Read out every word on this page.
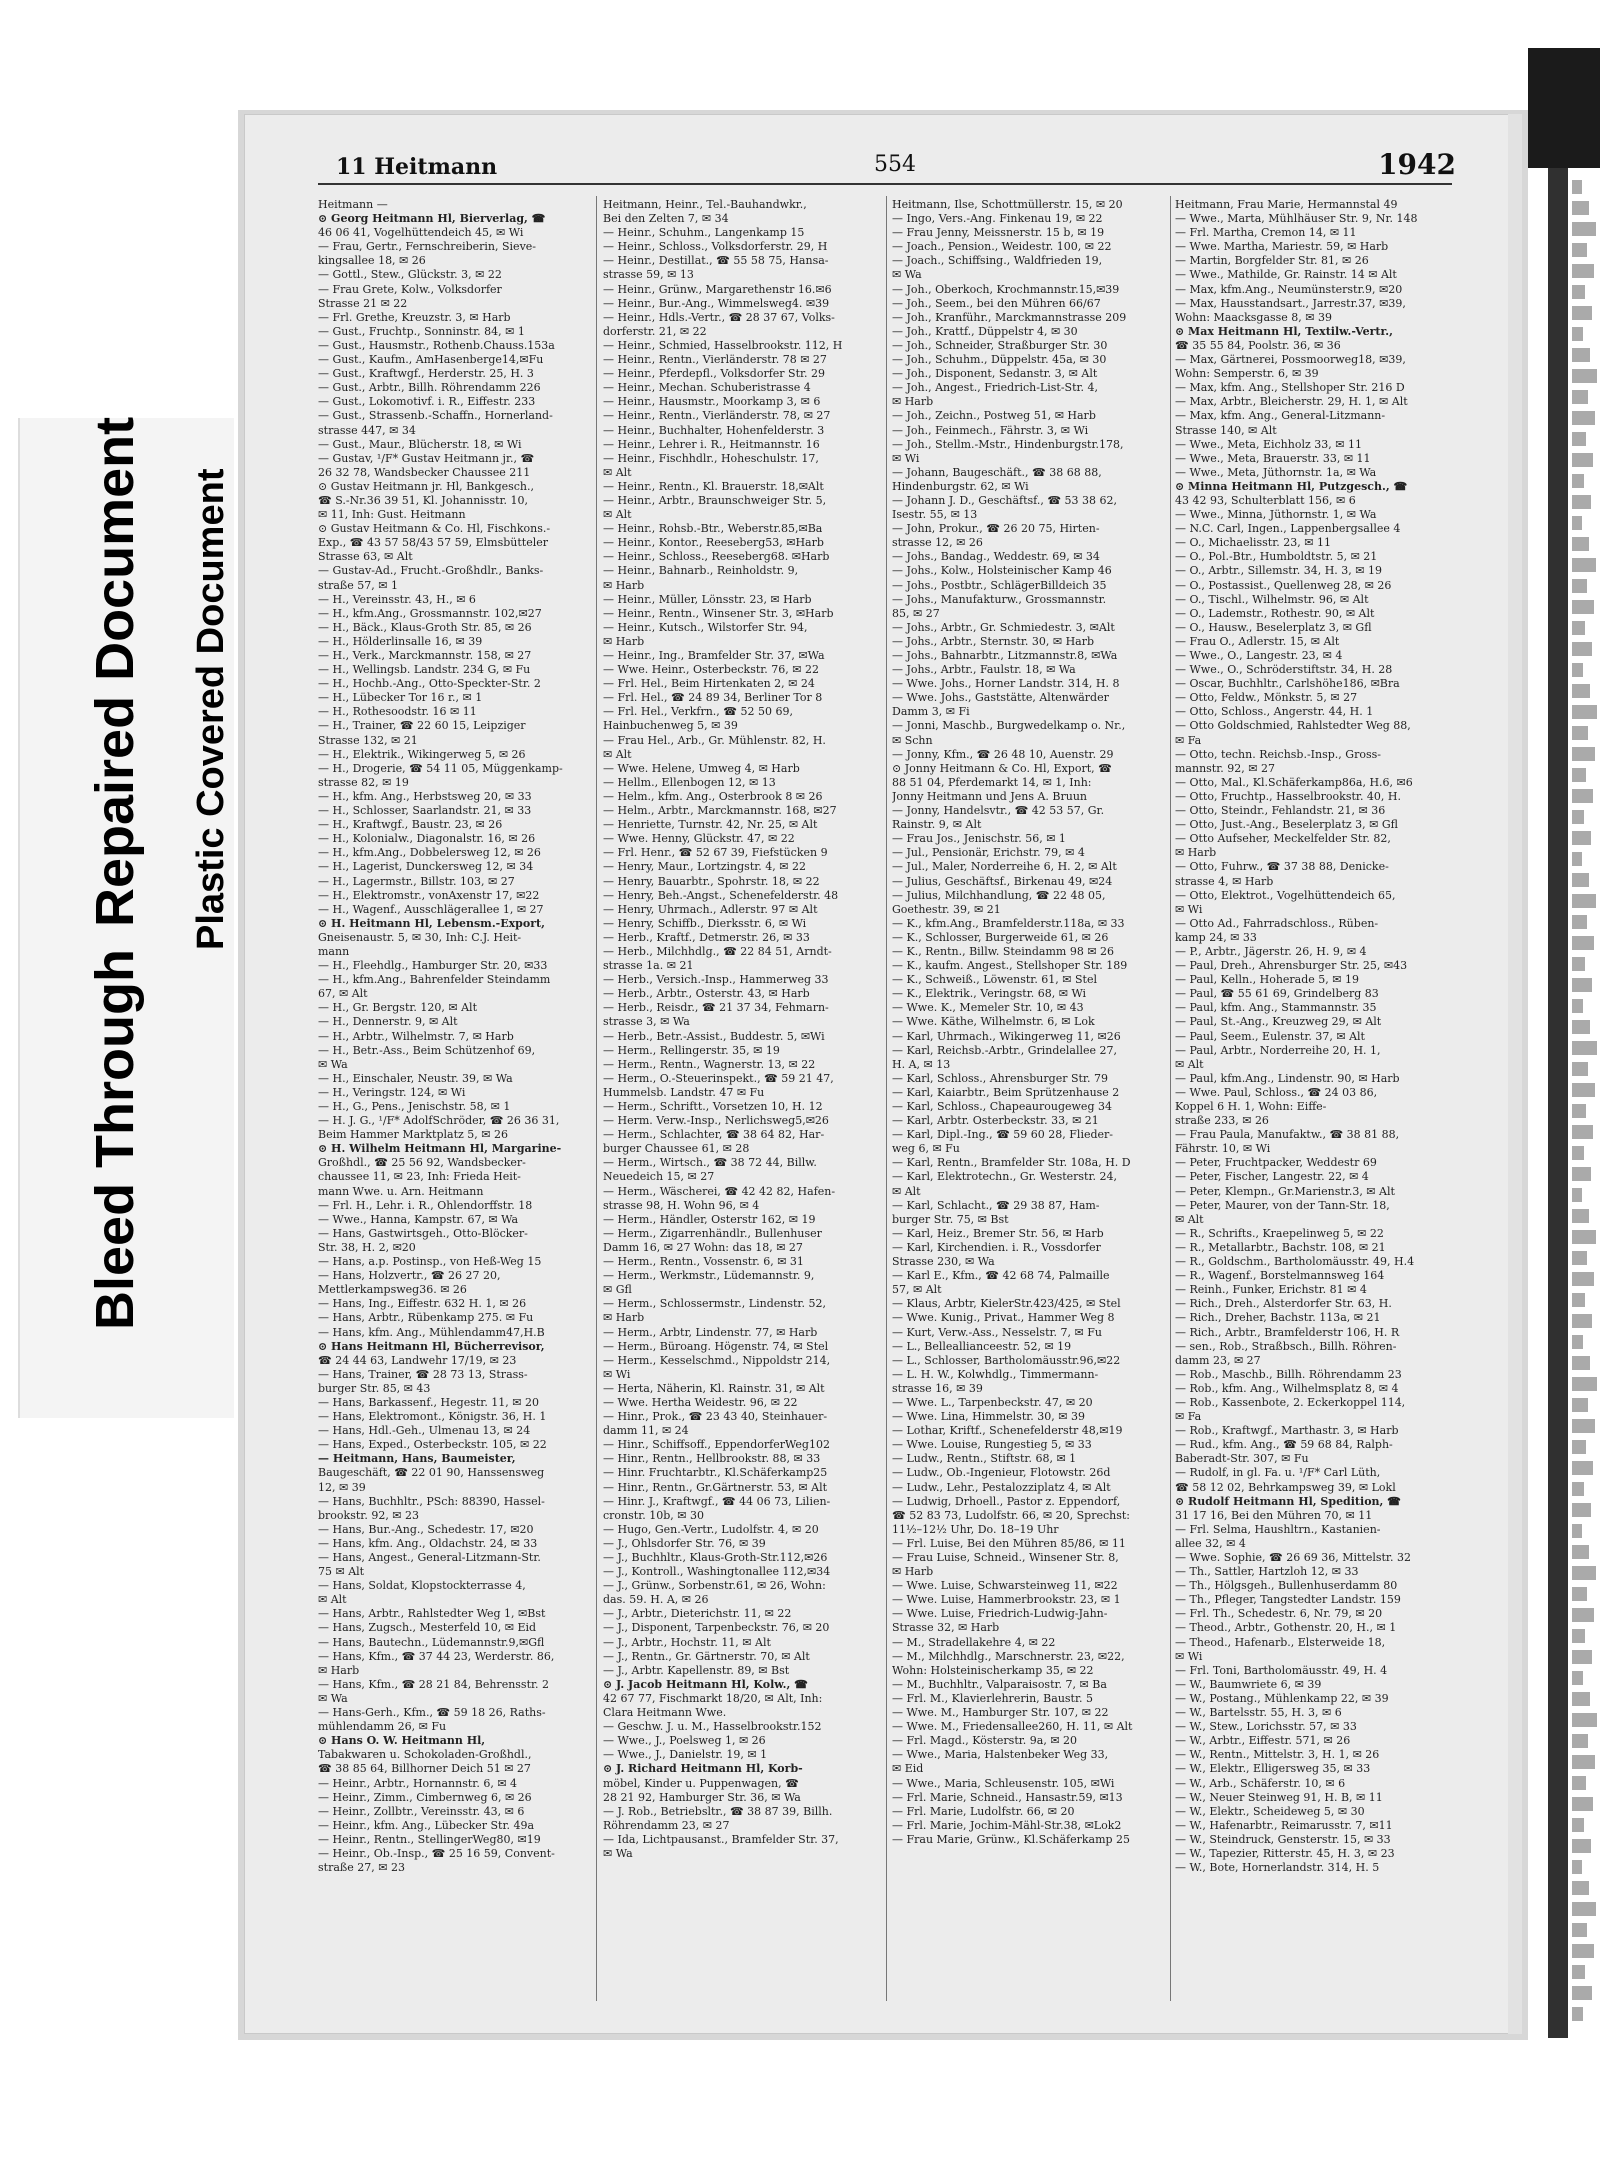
Bleed ThroughRepaired Document Plastic Covered Document
11 Heitmann	554	1942

Heitmann —

⊙ Georg Heitmann Hl, Bierverlag, ☎

46 06 41, Vogelhüttendeich 45, ✉ Wi

— Frau, Gertr., Fernschreiberin, Sieve-

kingsallee 18, ✉ 26

— Gottl., Stew., Glückstr. 3, ✉ 22

— Frau Grete, Kolw., Volksdorfer

Strasse 21 ✉ 22

— Frl. Grethe, Kreuzstr. 3, ✉ Harb

— Gust., Fruchtp., Sonninstr. 84, ✉ 1

— Gust., Hausmstr., Rothenb.Chauss.153a

— Gust., Kaufm., AmHasenberge14,✉Fu

— Gust., Kraftwgf., Herderstr. 25, H. 3

— Gust., Arbtr., Billh. Röhrendamm 226

— Gust., Lokomotivf. i. R., Eiffestr. 233

— Gust., Strassenb.-Schaffn., Hornerland-

strasse 447, ✉ 34

— Gust., Maur., Blücherstr. 18, ✉ Wi

— Gustav, ¹/F* Gustav Heitmann jr., ☎

26 32 78, Wandsbecker Chaussee 211

⊙ Gustav Heitmann jr. Hl, Bankgesch.,

☎ S.-Nr.36 39 51, Kl. Johannisstr. 10,

✉ 11, Inh: Gust. Heitmann

⊙ Gustav Heitmann & Co. Hl, Fischkons.-

Exp., ☎ 43 57 58/43 57 59, Elmsbütteler

Strasse 63, ✉ Alt

— Gustav-Ad., Frucht.-Großhdlr., Banks-

straße 57, ✉ 1

— H., Vereinsstr. 43, H., ✉ 6

— H., kfm.Ang., Grossmannstr. 102,✉27

— H., Bäck., Klaus-Groth Str. 85, ✉ 26

— H., Hölderlinsalle 16, ✉ 39

— H., Verk., Marckmannstr. 158, ✉ 27

— H., Wellingsb. Landstr. 234 G, ✉ Fu

— H., Hochb.-Ang., Otto-Speckter-Str. 2

— H., Lübecker Tor 16 r., ✉ 1

— H., Rothesoodstr. 16 ✉ 11

— H., Trainer, ☎ 22 60 15, Leipziger

Strasse 132, ✉ 21

— H., Elektrik., Wikingerweg 5, ✉ 26

— H., Drogerie, ☎ 54 11 05, Müggenkamp-

strasse 82, ✉ 19

— H., kfm. Ang., Herbstsweg 20, ✉ 33

— H., Schlosser, Saarlandstr. 21, ✉ 33

— H., Kraftwgf., Baustr. 23, ✉ 26

— H., Kolonialw., Diagonalstr. 16, ✉ 26

— H., kfm.Ang., Dobbelersweg 12, ✉ 26

— H., Lagerist, Dunckersweg 12, ✉ 34

— H., Lagermstr., Billstr. 103, ✉ 27

— H., Elektromstr., vonAxenstr 17, ✉22

— H., Wagenf., Ausschlägerallee 1, ✉ 27

⊙ H. Heitmann Hl, Lebensm.-Export,

Gneisenaustr. 5, ✉ 30, Inh: C.J. Heit-

mann

— H., Fleehdlg., Hamburger Str. 20, ✉33

— H., kfm.Ang., Bahrenfelder Steindamm

67, ✉ Alt

— H., Gr. Bergstr. 120, ✉ Alt

— H., Dennerstr. 9, ✉ Alt

— H., Arbtr., Wilhelmstr. 7, ✉ Harb

— H., Betr.-Ass., Beim Schützenhof 69,

✉ Wa

— H., Einschaler, Neustr. 39, ✉ Wa

— H., Veringstr. 124, ✉ Wi

— H., G., Pens., Jenischstr. 58, ✉ 1

— H. J. G., ¹/F* AdolfSchröder, ☎ 26 36 31,

Beim Hammer Marktplatz 5, ✉ 26

⊙ H. Wilhelm Heitmann Hl, Margarine-

Großhdl., ☎ 25 56 92, Wandsbecker-

chaussee 11, ✉ 23, Inh: Frieda Heit-

mann Wwe. u. Arn. Heitmann

— Frl. H., Lehr. i. R., Ohlendorffstr. 18

— Wwe., Hanna, Kampstr. 67, ✉ Wa

— Hans, Gastwirtsgeh., Otto-Blöcker-

Str. 38, H. 2, ✉20

— Hans, a.p. Postinsp., von Heß-Weg 15

— Hans, Holzvertr., ☎ 26 27 20,

Mettlerkampsweg36. ✉ 26

— Hans, Ing., Eiffestr. 632 H. 1, ✉ 26

— Hans, Arbtr., Rübenkamp 275. ✉ Fu

— Hans, kfm. Ang., Mühlendamm47,H.B

⊙ Hans Heitmann Hl, Bücherrevisor,

☎ 24 44 63, Landwehr 17/19, ✉ 23

— Hans, Trainer, ☎ 28 73 13, Strass-

burger Str. 85, ✉ 43

— Hans, Barkassenf., Hegestr. 11, ✉ 20

— Hans, Elektromont., Königstr. 36, H. 1

— Hans, Hdl.-Geh., Ulmenau 13, ✉ 24

— Hans, Exped., Osterbeckstr. 105, ✉ 22

— Heitmann, Hans, Baumeister,

Baugeschäft, ☎ 22 01 90, Hanssensweg

12, ✉ 39

— Hans, Buchhltr., PSch: 88390, Hassel-

brookstr. 92, ✉ 23

— Hans, Bur.-Ang., Schedestr. 17, ✉20

— Hans, kfm. Ang., Oldachstr. 24, ✉ 33

— Hans, Angest., General-Litzmann-Str.

75 ✉ Alt

— Hans, Soldat, Klopstockterrasse 4,

✉ Alt

— Hans, Arbtr., Rahlstedter Weg 1, ✉Bst

— Hans, Zugsch., Mesterfeld 10, ✉ Eid

— Hans, Bautechn., Lüdemannstr.9,✉Gfl

— Hans, Kfm., ☎ 37 44 23, Werderstr. 86,

✉ Harb

— Hans, Kfm., ☎ 28 21 84, Behrensstr. 2

✉ Wa

— Hans-Gerh., Kfm., ☎ 59 18 26, Raths-

mühlendamm 26, ✉ Fu

⊙ Hans O. W. Heitmann Hl,

Tabakwaren u. Schokoladen-Großhdl.,

☎ 38 85 64, Billhorner Deich 51 ✉ 27

— Heinr., Arbtr., Hornannstr. 6, ✉ 4

— Heinr., Zimm., Cimbernweg 6, ✉ 26

— Heinr., Zollbtr., Vereinsstr. 43, ✉ 6

— Heinr., kfm. Ang., Lübecker Str. 49a

— Heinr., Rentn., StellingerWeg80, ✉19

— Heinr., Ob.-Insp., ☎ 25 16 59, Convent-

straße 27, ✉ 23

Heitmann, Heinr., Tel.-Bauhandwkr.,

Bei den Zelten 7, ✉ 34

— Heinr., Schuhm., Langenkamp 15

— Heinr., Schloss., Volksdorferstr. 29, H

— Heinr., Destillat., ☎ 55 58 75, Hansa-

strasse 59, ✉ 13

— Heinr., Grünw., Margarethenstr 16.✉6

— Heinr., Bur.-Ang., Wimmelsweg4. ✉39

— Heinr., Hdls.-Vertr., ☎ 28 37 67, Volks-

dorferstr. 21, ✉ 22

— Heinr., Schmied, Hasselbrookstr. 112, H

— Heinr., Rentn., Vierländerstr. 78 ✉ 27

— Heinr., Pferdepfl., Volksdorfer Str. 29

— Heinr., Mechan. Schuberistrasse 4

— Heinr., Hausmstr., Moorkamp 3, ✉ 6

— Heinr., Rentn., Vierländerstr. 78, ✉ 27

— Heinr., Buchhalter, Hohenfelderstr. 3

— Heinr., Lehrer i. R., Heitmannstr. 16

— Heinr., Fischhdlr., Hoheschulstr. 17,

✉ Alt

— Heinr., Rentn., Kl. Brauerstr. 18,✉Alt

— Heinr., Arbtr., Braunschweiger Str. 5,

✉ Alt

— Heinr., Rohsb.-Btr., Weberstr.85,✉Ba

— Heinr., Kontor., Reeseberg53, ✉Harb

— Heinr., Schloss., Reeseberg68. ✉Harb

— Heinr., Bahnarb., Reinholdstr. 9,

✉ Harb

— Heinr., Müller, Lönsstr. 23, ✉ Harb

— Heinr., Rentn., Winsener Str. 3, ✉Harb

— Heinr., Kutsch., Wilstorfer Str. 94,

✉ Harb

— Heinr., Ing., Bramfelder Str. 37, ✉Wa

— Wwe. Heinr., Osterbeckstr. 76, ✉ 22

— Frl. Hel., Beim Hirtenkaten 2, ✉ 24

— Frl. Hel., ☎ 24 89 34, Berliner Tor 8

— Frl. Hel., Verkfrn., ☎ 52 50 69,

Hainbuchenweg 5, ✉ 39

— Frau Hel., Arb., Gr. Mühlenstr. 82, H.

✉ Alt

— Wwe. Helene, Umweg 4, ✉ Harb

— Hellm., Ellenbogen 12, ✉ 13

— Helm., kfm. Ang., Osterbrook 8 ✉ 26

— Helm., Arbtr., Marckmannstr. 168, ✉27

— Henriette, Turnstr. 42, Nr. 25, ✉ Alt

— Wwe. Henny, Glückstr. 47, ✉ 22

— Frl. Henr., ☎ 52 67 39, Fiefstücken 9

— Henry, Maur., Lortzingstr. 4, ✉ 22

— Henry, Bauarbtr., Spohrstr. 18, ✉ 22

— Henry, Beh.-Angst., Schenefelderstr. 48

— Henry, Uhrmach., Adlerstr. 97 ✉ Alt

— Henry, Schiffb., Dierksstr. 6, ✉ Wi

— Herb., Kraftf., Detmerstr. 26, ✉ 33

— Herb., Milchhdlg., ☎ 22 84 51, Arndt-

strasse 1a. ✉ 21

— Herb., Versich.-Insp., Hammerweg 33

— Herb., Arbtr., Osterstr. 43, ✉ Harb

— Herb., Reisdr., ☎ 21 37 34, Fehmarn-

strasse 3, ✉ Wa

— Herb., Betr.-Assist., Buddestr. 5, ✉Wi

— Herm., Rellingerstr. 35, ✉ 19

— Herm., Rentn., Wagnerstr. 13, ✉ 22

— Herm., O.-Steuerinspekt., ☎ 59 21 47,

Hummelsb. Landstr. 47 ✉ Fu

— Herm., Schriftt., Vorsetzen 10, H. 12

— Herm. Verw.-Insp., Nerlichsweg5,✉26

— Herm., Schlachter, ☎ 38 64 82, Har-

burger Chaussee 61, ✉ 28

— Herm., Wirtsch., ☎ 38 72 44, Billw.

Neuedeich 15, ✉ 27

— Herm., Wäscherei, ☎ 42 42 82, Hafen-

strasse 98, H. Wohn 96, ✉ 4

— Herm., Händler, Osterstr 162, ✉ 19

— Herm., Zigarrenhändlr., Bullenhuser

Damm 16, ✉ 27 Wohn: das 18, ✉ 27

— Herm., Rentn., Vossenstr. 6, ✉ 31

— Herm., Werkmstr., Lüdemannstr. 9,

✉ Gfl

— Herm., Schlossermstr., Lindenstr. 52,

✉ Harb

— Herm., Arbtr, Lindenstr. 77, ✉ Harb

— Herm., Büroang. Högenstr. 74, ✉ Stel

— Herm., Kesselschmd., Nippoldstr 214,

✉ Wi

— Herta, Näherin, Kl. Rainstr. 31, ✉ Alt

— Wwe. Hertha Weidestr. 96, ✉ 22

— Hinr., Prok., ☎ 23 43 40, Steinhauer-

damm 11, ✉ 24

— Hinr., Schiffsoff., EppendorferWeg102

— Hinr., Rentn., Hellbrookstr. 88, ✉ 33

— Hinr. Fruchtarbtr., Kl.Schäferkamp25

— Hinr., Rentn., Gr.Gärtnerstr. 53, ✉ Alt

— Hinr. J., Kraftwgf., ☎ 44 06 73, Lilien-

cronstr. 10b, ✉ 30

— Hugo, Gen.-Vertr., Ludolfstr. 4, ✉ 20

— J., Ohlsdorfer Str. 76, ✉ 39

— J., Buchhltr., Klaus-Groth-Str.112,✉26

— J., Kontroll., Washingtonallee 112,✉34

— J., Grünw., Sorbenstr.61, ✉ 26, Wohn:

das. 59. H. A, ✉ 26

— J., Arbtr., Dieterichstr. 11, ✉ 22

— J., Disponent, Tarpenbeckstr. 76, ✉ 20

— J., Arbtr., Hochstr. 11, ✉ Alt

— J., Rentn., Gr. Gärtnerstr. 70, ✉ Alt

— J., Arbtr. Kapellenstr. 89, ✉ Bst

⊙ J. Jacob Heitmann Hl, Kolw., ☎

42 67 77, Fischmarkt 18/20, ✉ Alt, Inh:

Clara Heitmann Wwe.

— Geschw. J. u. M., Hasselbrookstr.152

— Wwe., J., Poelsweg 1, ✉ 26

— Wwe., J., Danielstr. 19, ✉ 1

⊙ J. Richard Heitmann Hl, Korb-

möbel, Kinder u. Puppenwagen, ☎

28 21 92, Hamburger Str. 36, ✉ Wa

— J. Rob., Betriebsltr., ☎ 38 87 39, Billh.

Röhrendamm 23, ✉ 27

— Ida, Lichtpausanst., Bramfelder Str. 37,

✉ Wa

Heitmann, Ilse, Schottmüllerstr. 15, ✉ 20

— Ingo, Vers.-Ang. Finkenau 19, ✉ 22

— Frau Jenny, Meissnerstr. 15 b, ✉ 19

— Joach., Pension., Weidestr. 100, ✉ 22

— Joach., Schiffsing., Waldfrieden 19,

✉ Wa

— Joh., Oberkoch, Krochmannstr.15,✉39

— Joh., Seem., bei den Mühren 66/67

— Joh., Kranführ., Marckmannstrasse 209

— Joh., Krattf., Düppelstr 4, ✉ 30

— Joh., Schneider, Straßburger Str. 30

— Joh., Schuhm., Düppelstr. 45a, ✉ 30

— Joh., Disponent, Sedanstr. 3, ✉ Alt

— Joh., Angest., Friedrich-List-Str. 4,

✉ Harb

— Joh., Zeichn., Postweg 51, ✉ Harb

— Joh., Feinmech., Fährstr. 3, ✉ Wi

— Joh., Stellm.-Mstr., Hindenburgstr.178,

✉ Wi

— Johann, Baugeschäft., ☎ 38 68 88,

Hindenburgstr. 62, ✉ Wi

— Johann J. D., Geschäftsf., ☎ 53 38 62,

Isestr. 55, ✉ 13

— John, Prokur., ☎ 26 20 75, Hirten-

strasse 12, ✉ 26

— Johs., Bandag., Weddestr. 69, ✉ 34

— Johs., Kolw., Holsteinischer Kamp 46

— Johs., Postbtr., SchlägerBilldeich 35

— Johs., Manufakturw., Grossmannstr.

85, ✉ 27

— Johs., Arbtr., Gr. Schmiedestr. 3, ✉Alt

— Johs., Arbtr., Sternstr. 30, ✉ Harb

— Johs., Bahnarbtr., Litzmannstr.8, ✉Wa

— Johs., Arbtr., Faulstr. 18, ✉ Wa

— Wwe. Johs., Horner Landstr. 314, H. 8

— Wwe. Johs., Gaststätte, Altenwärder

Damm 3, ✉ Fi

— Jonni, Maschb., Burgwedelkamp o. Nr.,

✉ Schn

— Jonny, Kfm., ☎ 26 48 10, Auenstr. 29

⊙ Jonny Heitmann & Co. Hl, Export, ☎

88 51 04, Pferdemarkt 14, ✉ 1, Inh:

Jonny Heitmann und Jens A. Bruun

— Jonny, Handelsvtr., ☎ 42 53 57, Gr.

Rainstr. 9, ✉ Alt

— Frau Jos., Jenischstr. 56, ✉ 1

— Jul., Pensionär, Erichstr. 79, ✉ 4

— Jul., Maler, Norderreihe 6, H. 2, ✉ Alt

— Julius, Geschäftsf., Birkenau 49, ✉24

— Julius, Milchhandlung, ☎ 22 48 05,

Goethestr. 39, ✉ 21

— K., kfm.Ang., Bramfelderstr.118a, ✉ 33

— K., Schlosser, Burgerweide 61, ✉ 26

— K., Rentn., Billw. Steindamm 98 ✉ 26

— K., kaufm. Angest., Stellshoper Str. 189

— K., Schweiß., Löwenstr. 61, ✉ Stel

— K., Elektrik., Veringstr. 68, ✉ Wi

— Wwe. K., Memeler Str. 10, ✉ 43

— Wwe. Käthe, Wilhelmstr. 6, ✉ Lok

— Karl, Uhrmach., Wikingerweg 11, ✉26

— Karl, Reichsb.-Arbtr., Grindelallee 27,

H. A, ✉ 13

— Karl, Schloss., Ahrensburger Str. 79

— Karl, Kaiarbtr., Beim Sprützenhause 2

— Karl, Schloss., Chapeaurougeweg 34

— Karl, Arbtr. Osterbeckstr. 33, ✉ 21

— Karl, Dipl.-Ing., ☎ 59 60 28, Flieder-

weg 6, ✉ Fu

— Karl, Rentn., Bramfelder Str. 108a, H. D

— Karl, Elektrotechn., Gr. Westerstr. 24,

✉ Alt

— Karl, Schlacht., ☎ 29 38 87, Ham-

burger Str. 75, ✉ Bst

— Karl, Heiz., Bremer Str. 56, ✉ Harb

— Karl, Kirchendien. i. R., Vossdorfer

Strasse 230, ✉ Wa

— Karl E., Kfm., ☎ 42 68 74, Palmaille

57, ✉ Alt

— Klaus, Arbtr, KielerStr.423/425, ✉ Stel

— Wwe. Kunig., Privat., Hammer Weg 8

— Kurt, Verw.-Ass., Nesselstr. 7, ✉ Fu

— L., Belleallianceestr. 52, ✉ 19

— L., Schlosser, Bartholomäusstr.96,✉22

— L. H. W., Kolwhdlg., Timmermann-

strasse 16, ✉ 39

— Wwe. L., Tarpenbeckstr. 47, ✉ 20

— Wwe. Lina, Himmelstr. 30, ✉ 39

— Lothar, Kriftf., Schenefelderstr 48,✉19

— Wwe. Louise, Rungestieg 5, ✉ 33

— Ludw., Rentn., Stiftstr. 68, ✉ 1

— Ludw., Ob.-Ingenieur, Flotowstr. 26d

— Ludw., Lehr., Pestalozziplatz 4, ✉ Alt

— Ludwig, Drhoell., Pastor z. Eppendorf,

☎ 52 83 73, Ludolfstr. 66, ✉ 20, Sprechst:

11½–12½ Uhr, Do. 18–19 Uhr

— Frl. Luise, Bei den Mühren 85/86, ✉ 11

— Frau Luise, Schneid., Winsener Str. 8,

✉ Harb

— Wwe. Luise, Schwarsteinweg 11, ✉22

— Wwe. Luise, Hammerbrookstr. 23, ✉ 1

— Wwe. Luise, Friedrich-Ludwig-Jahn-

Strasse 32, ✉ Harb

— M., Stradellakehre 4, ✉ 22

— M., Milchhdlg., Marschnerstr. 23, ✉22,

Wohn: Holsteinischerkamp 35, ✉ 22

— M., Buchhltr., Valparaisostr. 7, ✉ Ba

— Frl. M., Klavierlehrerin, Baustr. 5

— Wwe. M., Hamburger Str. 107, ✉ 22

— Wwe. M., Friedensallee260, H. 11, ✉ Alt

— Frl. Magd., Kösterstr. 9a, ✉ 20

— Wwe., Maria, Halstenbeker Weg 33,

✉ Eid

— Wwe., Maria, Schleusenstr. 105, ✉Wi

— Frl. Marie, Schneid., Hansastr.59, ✉13

— Frl. Marie, Ludolfstr. 66, ✉ 20

— Frl. Marie, Jochim-Mähl-Str.38, ✉Lok2

— Frau Marie, Grünw., Kl.Schäferkamp 25

Heitmann, Frau Marie, Hermannstal 49

— Wwe., Marta, Mühlhäuser Str. 9, Nr. 148

— Frl. Martha, Cremon 14, ✉ 11

— Wwe. Martha, Mariestr. 59, ✉ Harb

— Martin, Borgfelder Str. 81, ✉ 26

— Wwe., Mathilde, Gr. Rainstr. 14 ✉ Alt

— Max, kfm.Ang., Neumünsterstr.9, ✉20

— Max, Hausstandsart., Jarrestr.37, ✉39,

Wohn: Maacksgasse 8, ✉ 39

⊙ Max Heitmann Hl, Textilw.-Vertr.,

☎ 35 55 84, Poolstr. 36, ✉ 36

— Max, Gärtnerei, Possmoorweg18, ✉39,

Wohn: Semperstr. 6, ✉ 39

— Max, kfm. Ang., Stellshoper Str. 216 D

— Max, Arbtr., Bleicherstr. 29, H. 1, ✉ Alt

— Max, kfm. Ang., General-Litzmann-

Strasse 140, ✉ Alt

— Wwe., Meta, Eichholz 33, ✉ 11

— Wwe., Meta, Brauerstr. 33, ✉ 11

— Wwe., Meta, Jüthornstr. 1a, ✉ Wa

⊙ Minna Heitmann Hl, Putzgesch., ☎

43 42 93, Schulterblatt 156, ✉ 6

— Wwe., Minna, Jüthornstr. 1, ✉ Wa

— N.C. Carl, Ingen., Lappenbergsallee 4

— O., Michaelisstr. 23, ✉ 11

— O., Pol.-Btr., Humboldtstr. 5, ✉ 21

— O., Arbtr., Sillemstr. 34, H. 3, ✉ 19

— O., Postassist., Quellenweg 28, ✉ 26

— O., Tischl., Wilhelmstr. 96, ✉ Alt

— O., Lademstr., Rothestr. 90, ✉ Alt

— O., Hausw., Beselerplatz 3, ✉ Gfl

— Frau O., Adlerstr. 15, ✉ Alt

— Wwe., O., Langestr. 23, ✉ 4

— Wwe., O., Schröderstiftstr. 34, H. 28

— Oscar, Buchhltr., Carlshöhe186, ✉Bra

— Otto, Feldw., Mönkstr. 5, ✉ 27

— Otto, Schloss., Angerstr. 44, H. 1

— Otto Goldschmied, Rahlstedter Weg 88,

✉ Fa

— Otto, techn. Reichsb.-Insp., Gross-

mannstr. 92, ✉ 27

— Otto, Mal., Kl.Schäferkamp86a, H.6, ✉6

— Otto, Fruchtp., Hasselbrookstr. 40, H.

— Otto, Steindr., Fehlandstr. 21, ✉ 36

— Otto, Just.-Ang., Beselerplatz 3, ✉ Gfl

— Otto Aufseher, Meckelfelder Str. 82,

✉ Harb

— Otto, Fuhrw., ☎ 37 38 88, Denicke-

strasse 4, ✉ Harb

— Otto, Elektrot., Vogelhüttendeich 65,

✉ Wi

— Otto Ad., Fahrradschloss., Rüben-

kamp 24, ✉ 33

— P., Arbtr., Jägerstr. 26, H. 9, ✉ 4

— Paul, Dreh., Ahrensburger Str. 25, ✉43

— Paul, Kelln., Hoherade 5, ✉ 19

— Paul, ☎ 55 61 69, Grindelberg 83

— Paul, kfm. Ang., Stammannstr. 35

— Paul, St.-Ang., Kreuzweg 29, ✉ Alt

— Paul, Seem., Eulenstr. 37, ✉ Alt

— Paul, Arbtr., Norderreihe 20, H. 1,

✉ Alt

— Paul, kfm.Ang., Lindenstr. 90, ✉ Harb

— Wwe. Paul, Schloss., ☎ 24 03 86,

Koppel 6 H. 1, Wohn: Eiffe-

straße 233, ✉ 26

— Frau Paula, Manufaktw., ☎ 38 81 88,

Fährstr. 10, ✉ Wi

— Peter, Fruchtpacker, Weddestr 69

— Peter, Fischer, Langestr. 22, ✉ 4

— Peter, Klempn., Gr.Marienstr.3, ✉ Alt

— Peter, Maurer, von der Tann-Str. 18,

✉ Alt

— R., Schrifts., Kraepelinweg 5, ✉ 22

— R., Metallarbtr., Bachstr. 108, ✉ 21

— R., Goldschm., Bartholomäusstr. 49, H.4

— R., Wagenf., Borstelmannsweg 164

— Reinh., Funker, Erichstr. 81 ✉ 4

— Rich., Dreh., Alsterdorfer Str. 63, H.

— Rich., Dreher, Bachstr. 113a, ✉ 21

— Rich., Arbtr., Bramfelderstr 106, H. R

— sen., Rob., Straßbsch., Billh. Röhren-

damm 23, ✉ 27

— Rob., Maschb., Billh. Röhrendamm 23

— Rob., kfm. Ang., Wilhelmsplatz 8, ✉ 4

— Rob., Kassenbote, 2. Eckerkoppel 114,

✉ Fa

— Rob., Kraftwgf., Marthastr. 3, ✉ Harb

— Rud., kfm. Ang., ☎ 59 68 84, Ralph-

Baberadt-Str. 307, ✉ Fu

— Rudolf, in gl. Fa. u. ¹/F* Carl Lüth,

☎ 58 12 02, Behrkampsweg 39, ✉ Lokl

⊙ Rudolf Heitmann Hl, Spedition, ☎

31 17 16, Bei den Mühren 70, ✉ 11

— Frl. Selma, Haushltrn., Kastanien-

allee 32, ✉ 4

— Wwe. Sophie, ☎ 26 69 36, Mittelstr. 32

— Th., Sattler, Hartzloh 12, ✉ 33

— Th., Hölgsgeh., Bullenhuserdamm 80

— Th., Pfleger, Tangstedter Landstr. 159

— Frl. Th., Schedestr. 6, Nr. 79, ✉ 20

— Theod., Arbtr., Gothenstr. 20, H., ✉ 1

— Theod., Hafenarb., Elsterweide 18,

✉ Wi

— Frl. Toni, Bartholomäusstr. 49, H. 4

— W., Baumwriete 6, ✉ 39

— W., Postang., Mühlenkamp 22, ✉ 39

— W., Bartelsstr. 55, H. 3, ✉ 6

— W., Stew., Lorichsstr. 57, ✉ 33

— W., Arbtr., Eiffestr. 571, ✉ 26

— W., Rentn., Mittelstr. 3, H. 1, ✉ 26

— W., Elektr., Elligersweg 35, ✉ 33

— W., Arb., Schäferstr. 10, ✉ 6

— W., Neuer Steinweg 91, H. B, ✉ 11

— W., Elektr., Scheideweg 5, ✉ 30

— W., Hafenarbtr., Reimarusstr. 7, ✉11

— W., Steindruck, Gensterstr. 15, ✉ 33

— W., Tapezier, Ritterstr. 45, H. 3, ✉ 23

— W., Bote, Hornerlandstr. 314, H. 5
